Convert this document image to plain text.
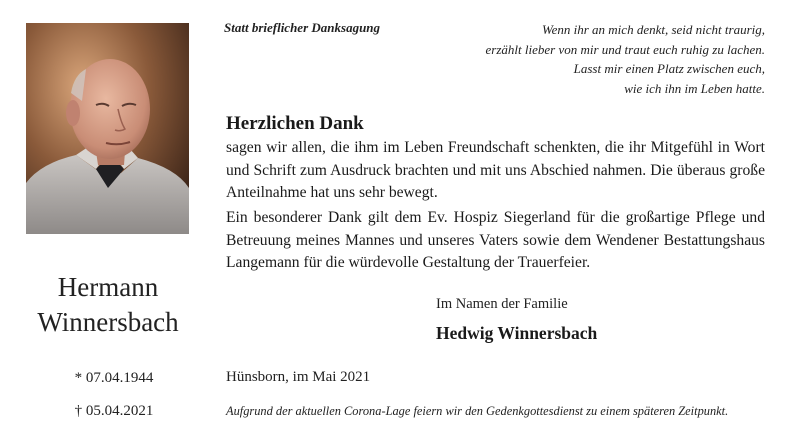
Hermann
Winnersbach
* 07.04.1944
† 05.04.2021
Statt brieflicher Danksagung	Wenn ihr an mich denkt, seid nicht traurig,
erzählt lieber von mir und traut euch ruhig zu lachen.
Lasst mir einen Platz zwischen euch,
wie ich ihn im Leben hatte.
Herzlichen Dank
sagen wir allen, die ihm im Leben Freundschaft schenkten, die ihr Mitgefühl in Wort und Schrift zum Ausdruck brachten und mit uns Abschied nahmen. Die überaus große Anteilnahme hat uns sehr bewegt.
Ein besonderer Dank gilt dem Ev. Hospiz Siegerland für die großartige Pflege und Betreuung meines Mannes und unseres Vaters sowie dem Wendener Bestattungshaus Langemann für die würdevolle Gestaltung der Trauerfeier.
Im Namen der Familie
Hedwig Winnersbach
Hünsborn, im Mai 2021
Aufgrund der aktuellen Corona-Lage feiern wir den Gedenkgottesdienst zu einem späteren Zeitpunkt.
